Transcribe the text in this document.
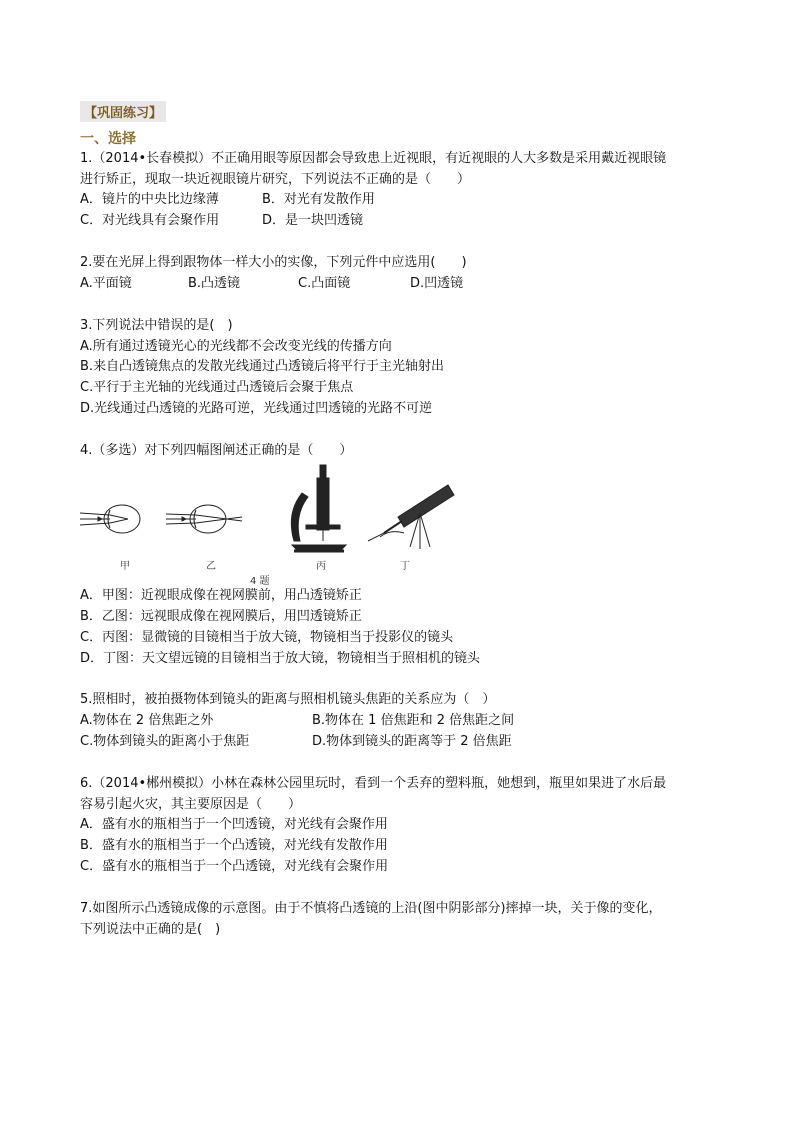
【巩固练习】
一、选择
1.（2014•长春模拟）不正确用眼等原因都会导致患上近视眼，有近视眼的人大多数是采用戴近视眼镜
进行矫正，现取一块近视眼镜片研究，下列说法不正确的是（　　）
A．镜片的中央比边缘薄	B．对光有发散作用
C．对光线具有会聚作用	D．是一块凹透镜
2.要在光屏上得到跟物体一样大小的实像，下列元件中应选用(　　)
A.平面镜	B.凸透镜	C.凸面镜	D.凹透镜
3.下列说法中错误的是(　)
A.所有通过透镜光心的光线都不会改变光线的传播方向
B.来自凸透镜焦点的发散光线通过凸透镜后将平行于主光轴射出
C.平行于主光轴的光线通过凸透镜后会聚于焦点
D.光线通过凸透镜的光路可逆，光线通过凹透镜的光路不可逆
4.（多选）对下列四幅图阐述正确的是（　　）
甲	乙	丙	丁
4 题
A．甲图：近视眼成像在视网膜前，用凸透镜矫正
B．乙图：远视眼成像在视网膜后，用凹透镜矫正
C．丙图：显微镜的目镜相当于放大镜，物镜相当于投影仪的镜头
D．丁图：天文望远镜的目镜相当于放大镜，物镜相当于照相机的镜头
5.照相时，被拍摄物体到镜头的距离与照相机镜头焦距的关系应为（　）
A.物体在 2 倍焦距之外	B.物体在 1 倍焦距和 2 倍焦距之间
C.物体到镜头的距离小于焦距	D.物体到镜头的距离等于 2 倍焦距
6.（2014•郴州模拟）小林在森林公园里玩时，看到一个丢弃的塑料瓶，她想到，瓶里如果进了水后最
容易引起火灾，其主要原因是（　　）
A．盛有水的瓶相当于一个凹透镜，对光线有会聚作用
B．盛有水的瓶相当于一个凸透镜，对光线有发散作用
C．盛有水的瓶相当于一个凸透镜，对光线有会聚作用
7.如图所示凸透镜成像的示意图。由于不慎将凸透镜的上沿(图中阴影部分)摔掉一块，关于像的变化，
下列说法中正确的是(　)
